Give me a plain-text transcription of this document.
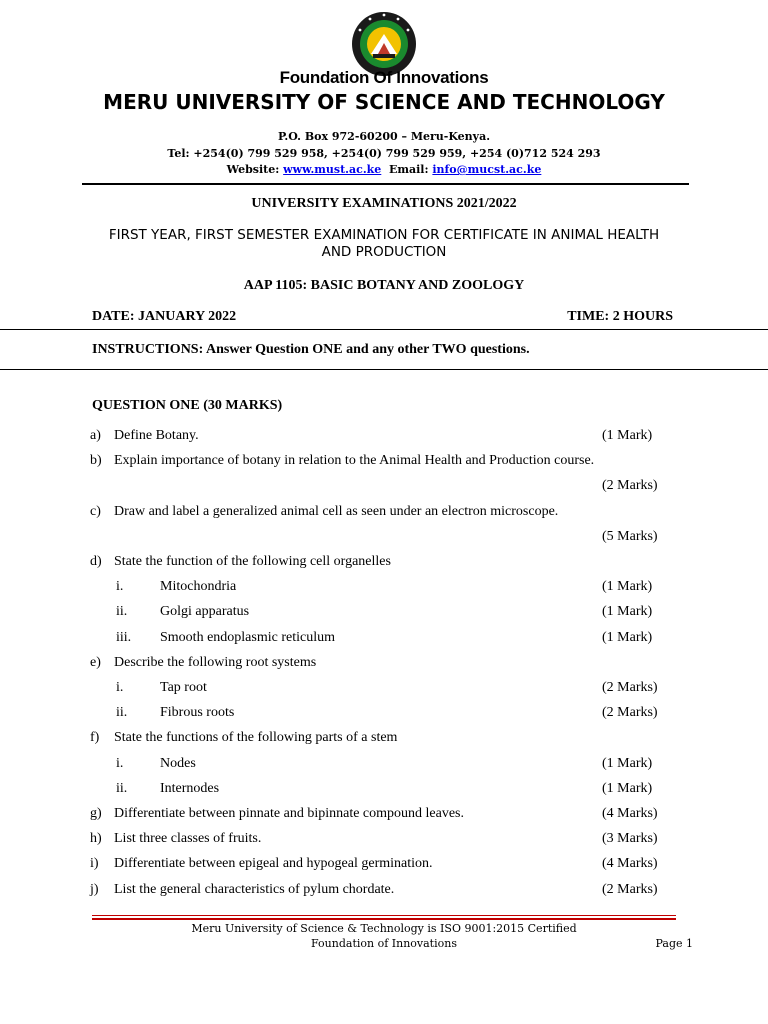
Foundation Of Innovations
MERU UNIVERSITY OF SCIENCE AND TECHNOLOGY
P.O. Box 972-60200 – Meru-Kenya.
Tel: +254(0) 799 529 958, +254(0) 799 529 959, +254 (0)712 524 293
Website: www.must.ac.ke Email: info@mucst.ac.ke
UNIVERSITY EXAMINATIONS 2021/2022
FIRST YEAR, FIRST SEMESTER EXAMINATION FOR CERTIFICATE IN ANIMAL HEALTH AND PRODUCTION
AAP 1105: BASIC BOTANY AND ZOOLOGY
DATE: JANUARY 2022	TIME: 2 HOURS
INSTRUCTIONS: Answer Question ONE and any other TWO questions.
QUESTION ONE (30 MARKS)
a) Define Botany.	(1 Mark)
b) Explain importance of botany in relation to the Animal Health and Production course.
(2 Marks)
c) Draw and label a generalized animal cell as seen under an electron microscope.
(5 Marks)
d) State the function of the following cell organelles
i.	Mitochondria	(1 Mark)
ii. Golgi apparatus	(1 Mark)
iii. Smooth endoplasmic reticulum	(1 Mark)
e) Describe the following root systems
i.	Tap root	(2 Marks)
ii. Fibrous roots	(2 Marks)
f) State the functions of the following parts of a stem
i.	Nodes	(1 Mark)
ii. Internodes	(1 Mark)
g) Differentiate between pinnate and bipinnate compound leaves.	(4 Marks)
h) List three classes of fruits.	(3 Marks)
i) Differentiate between epigeal and hypogeal germination.	(4 Marks)
j) List the general characteristics of pylum chordate.	(2 Marks)
Meru University of Science & Technology is ISO 9001:2015 Certified
Foundation of Innovations	Page 1
